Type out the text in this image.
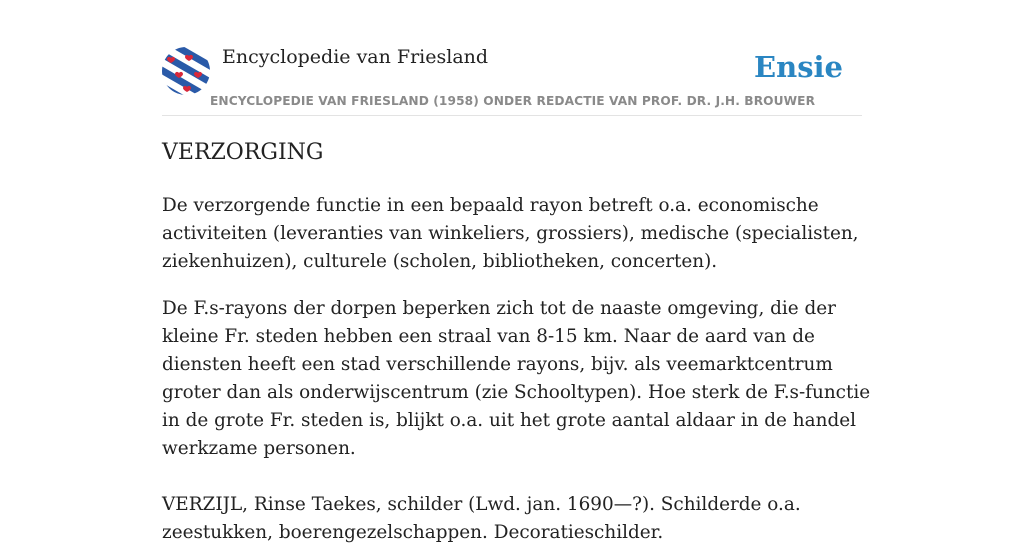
Encyclopedie van Friesland	Ensie
ENCYCLOPEDIE VAN FRIESLAND (1958) ONDER REDACTIE VAN PROF. DR. J.H. BROUWER
VERZORGING

De verzorgende functie in een bepaald rayon betreft o.a. economische activiteiten (leveranties van winkeliers, grossiers), medische (specialisten, ziekenhuizen), culturele (scholen, bibliotheken, concerten).

De F.s-rayons der dorpen beperken zich tot de naaste omgeving, die der kleine Fr. steden hebben een straal van 8-15 km. Naar de aard van de diensten heeft een stad verschillende rayons, bijv. als veemarktcentrum groter dan als onderwijscentrum (zie Schooltypen). Hoe sterk de F.s-functie in de grote Fr. steden is, blijkt o.a. uit het grote aantal aldaar in de handel werkzame personen.

VERZIJL, Rinse Taekes, schilder (Lwd. jan. 1690—?). Schilderde o.a. zeestukken, boerengezelschappen. Decoratieschilder.
